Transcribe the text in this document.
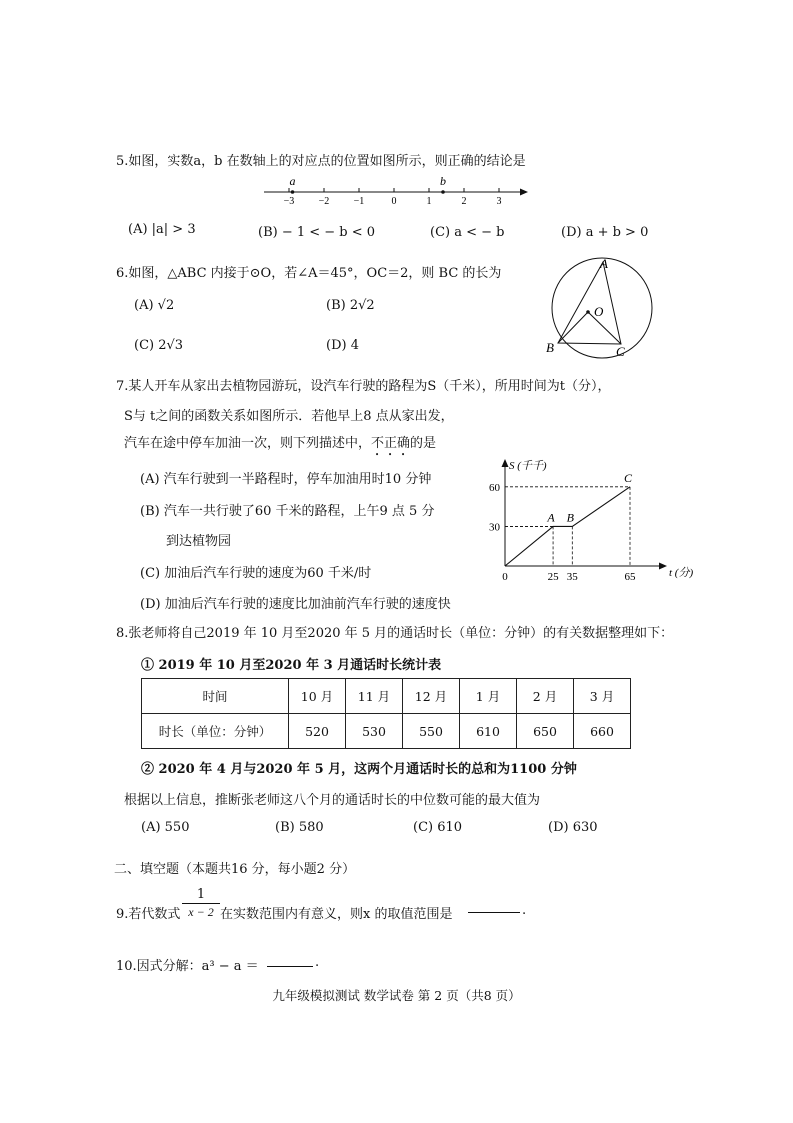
5.如图，实数a，b 在数轴上的对应点的位置如图所示，则正确的结论是
−3 −2 −1	0	1	2	3
a	b
(A) |a| > 3	(B) − 1 < − b < 0	(C) a < − b	(D) a + b > 0
6.如图，△ABC 内接于⊙O，若∠A＝45°，OC＝2，则 BC 的长为
(A) √2	(B) 2√2
(C) 2√3	(D) 4
A
O
B	C
7.某人开车从家出去植物园游玩，设汽车行驶的路程为S（千米），所用时间为t（分），
S与 t之间的函数关系如图所示．若他早上8 点从家出发，
汽车在途中停车加油一次，则下列描述中，不正确的是
(A) 汽车行驶到一半路程时，停车加油用时10 分钟
(B) 汽车一共行驶了60 千米的路程，上午9 点 5 分
到达植物园
(C) 加油后汽车行驶的速度为60 千米/时
(D) 加油后汽车行驶的速度比加油前汽车行驶的速度快
S (千千)
t (分)
0	25 35	65
30
60
A B
C
8.张老师将自己2019 年 10 月至2020 年 5 月的通话时长（单位：分钟）的有关数据整理如下：
① 2019 年 10 月至2020 年 3 月通话时长统计表
时间	10 月	11 月	12 月	1 月	2 月	3 月
时长（单位：分钟）	520	530	550	610	650	660
② 2020 年 4 月与2020 年 5 月，这两个月通话时长的总和为1100 分钟
根据以上信息，推断张老师这八个月的通话时长的中位数可能的最大值为
(A) 550	(B) 580	(C) 610	(D) 630
二、填空题（本题共16 分，每小题2 分）
9.若代数式 $\frac{1}{x - 2}$ 在实数范围内有意义，则x 的取值范围是	.
10.因式分解：a³ − a ＝	.
九年级模拟测试 数学试卷 第 2 页（共8 页）
